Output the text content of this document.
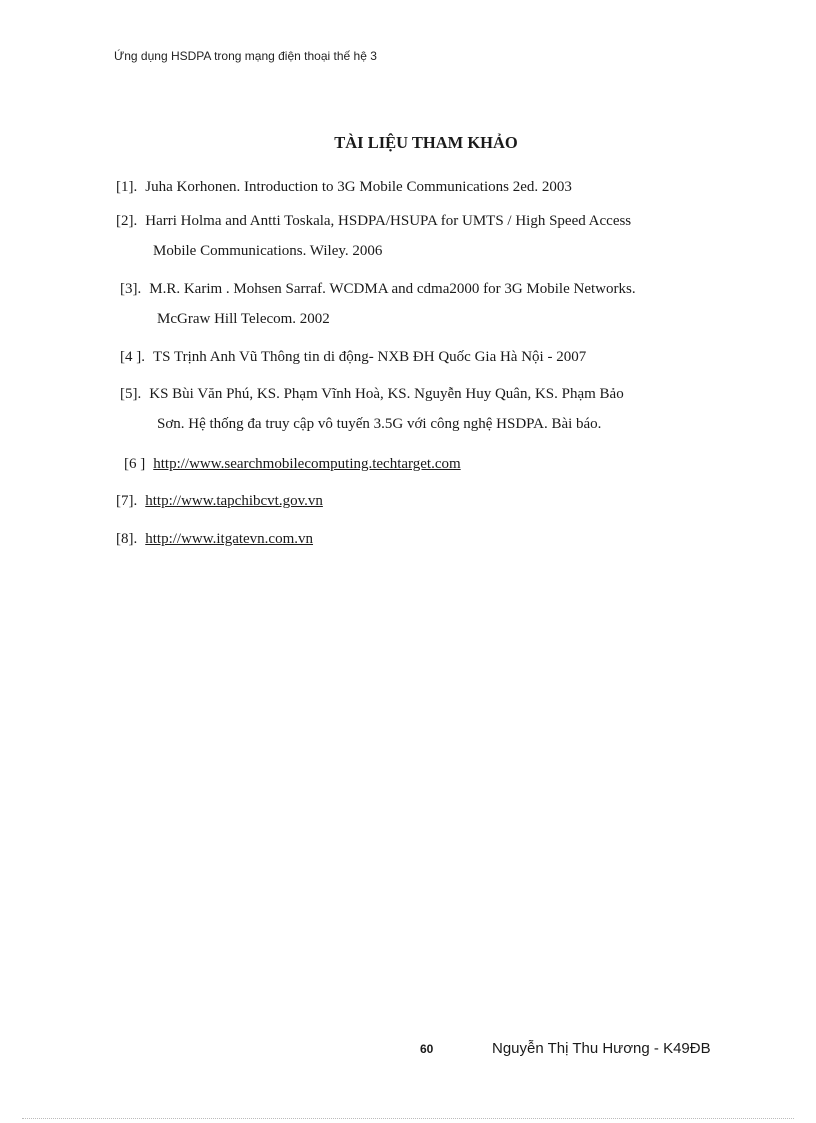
Ứng dụng HSDPA trong mạng điện thoại thế hệ 3
TÀI LIỆU THAM KHẢO
[1]. Juha Korhonen. Introduction to 3G Mobile Communications 2ed. 2003
[2]. Harri Holma and Antti Toskala, HSDPA/HSUPA for UMTS / High Speed Access
Mobile Communications. Wiley. 2006
[3]. M.R. Karim . Mohsen Sarraf. WCDMA and cdma2000 for 3G Mobile Networks.
McGraw Hill Telecom. 2002
[4 ]. TS Trịnh Anh Vũ Thông tin di động- NXB ĐH Quốc Gia Hà Nội - 2007
[5]. KS Bùi Văn Phú, KS. Phạm Vĩnh Hoà, KS. Nguyễn Huy Quân, KS. Phạm Bảo
Sơn. Hệ thống đa truy cập vô tuyến 3.5G với công nghệ HSDPA. Bài báo.
[6 ] http://www.searchmobilecomputing.techtarget.com
[7]. http://www.tapchibcvt.gov.vn
[8]. http://www.itgatevn.com.vn
60	Nguyễn Thị Thu Hương - K49ĐB
